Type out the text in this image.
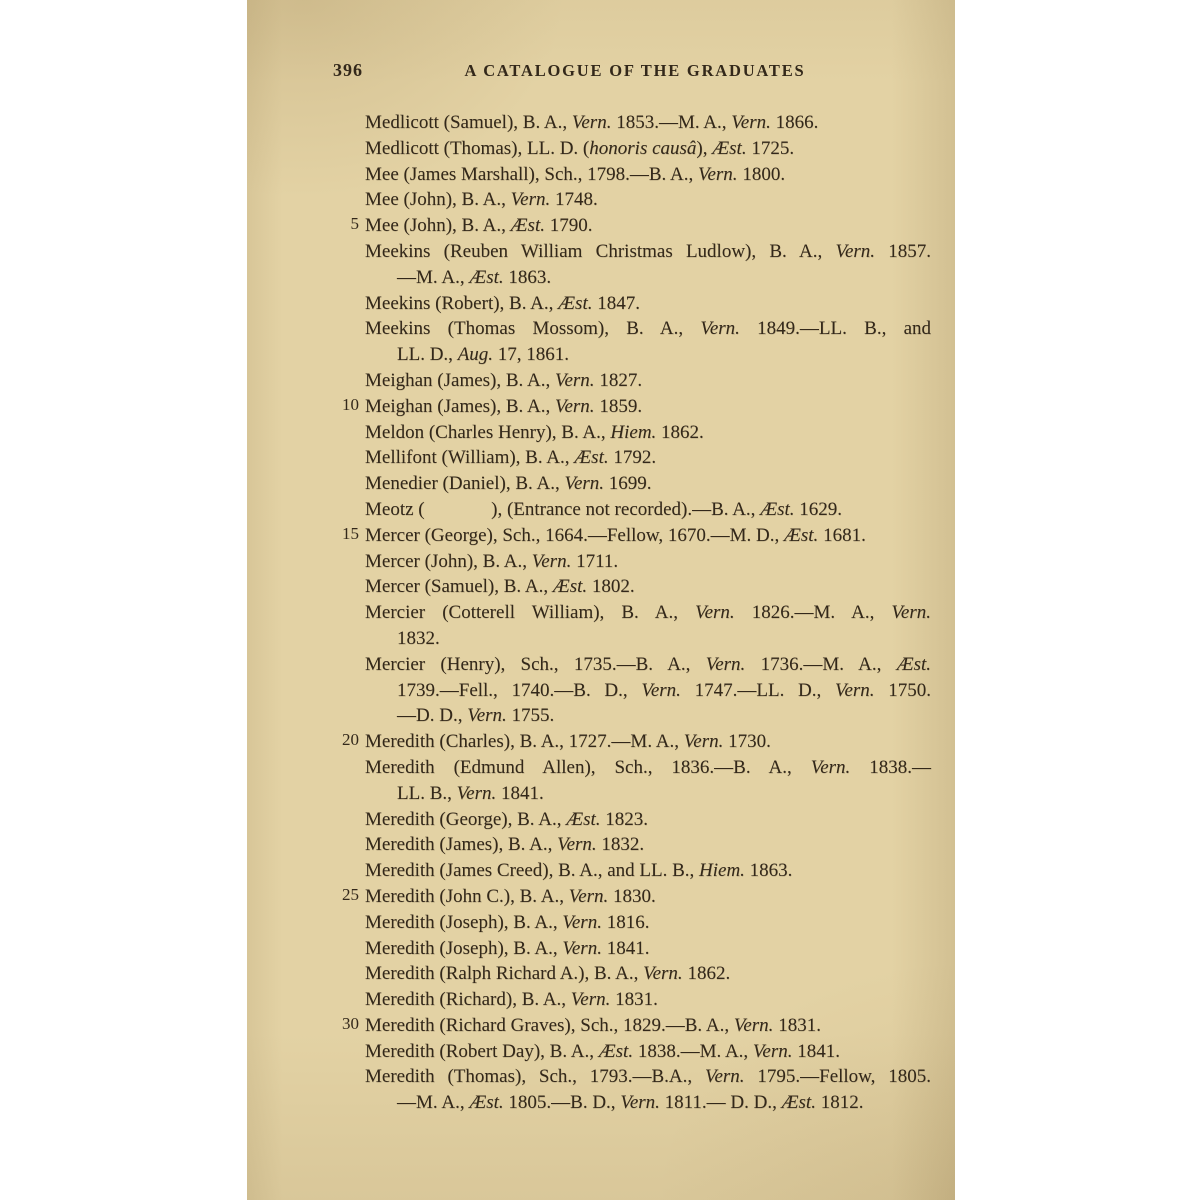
396	A CATALOGUE OF THE GRADUATES
Medlicott (Samuel), B. A., Vern. 1853.—M. A., Vern. 1866.
Medlicott (Thomas), LL. D. (honoris causâ), Æst. 1725.
Mee (James Marshall), Sch., 1798.—B. A., Vern. 1800.
Mee (John), B. A., Vern. 1748.
5 Mee (John), B. A., Æst. 1790.
Meekins (Reuben William Christmas Ludlow), B. A., Vern. 1857.
—M. A., Æst. 1863.
Meekins (Robert), B. A., Æst. 1847.
Meekins (Thomas Mossom), B. A., Vern. 1849.—LL. B., and
LL. D., Aug. 17, 1861.
Meighan (James), B. A., Vern. 1827.
10 Meighan (James), B. A., Vern. 1859.
Meldon (Charles Henry), B. A., Hiem. 1862.
Mellifont (William), B. A., Æst. 1792.
Menedier (Daniel), B. A., Vern. 1699.
Meotz (              ), (Entrance not recorded).—B. A., Æst. 1629.
15 Mercer (George), Sch., 1664.—Fellow, 1670.—M. D., Æst. 1681.
Mercer (John), B. A., Vern. 1711.
Mercer (Samuel), B. A., Æst. 1802.
Mercier (Cotterell William), B. A., Vern. 1826.—M. A., Vern.
1832.
Mercier (Henry), Sch., 1735.—B. A., Vern. 1736.—M. A., Æst.
1739.—Fell., 1740.—B. D., Vern. 1747.—LL. D., Vern. 1750.
—D. D., Vern. 1755.
20 Meredith (Charles), B. A., 1727.—M. A., Vern. 1730.
Meredith (Edmund Allen), Sch., 1836.—B. A., Vern. 1838.—
LL. B., Vern. 1841.
Meredith (George), B. A., Æst. 1823.
Meredith (James), B. A., Vern. 1832.
Meredith (James Creed), B. A., and LL. B., Hiem. 1863.
25 Meredith (John C.), B. A., Vern. 1830.
Meredith (Joseph), B. A., Vern. 1816.
Meredith (Joseph), B. A., Vern. 1841.
Meredith (Ralph Richard A.), B. A., Vern. 1862.
Meredith (Richard), B. A., Vern. 1831.
30 Meredith (Richard Graves), Sch., 1829.—B. A., Vern. 1831.
Meredith (Robert Day), B. A., Æst. 1838.—M. A., Vern. 1841.
Meredith (Thomas), Sch., 1793.—B.A., Vern. 1795.—Fellow, 1805.
—M. A., Æst. 1805.—B. D., Vern. 1811.— D. D., Æst. 1812.
